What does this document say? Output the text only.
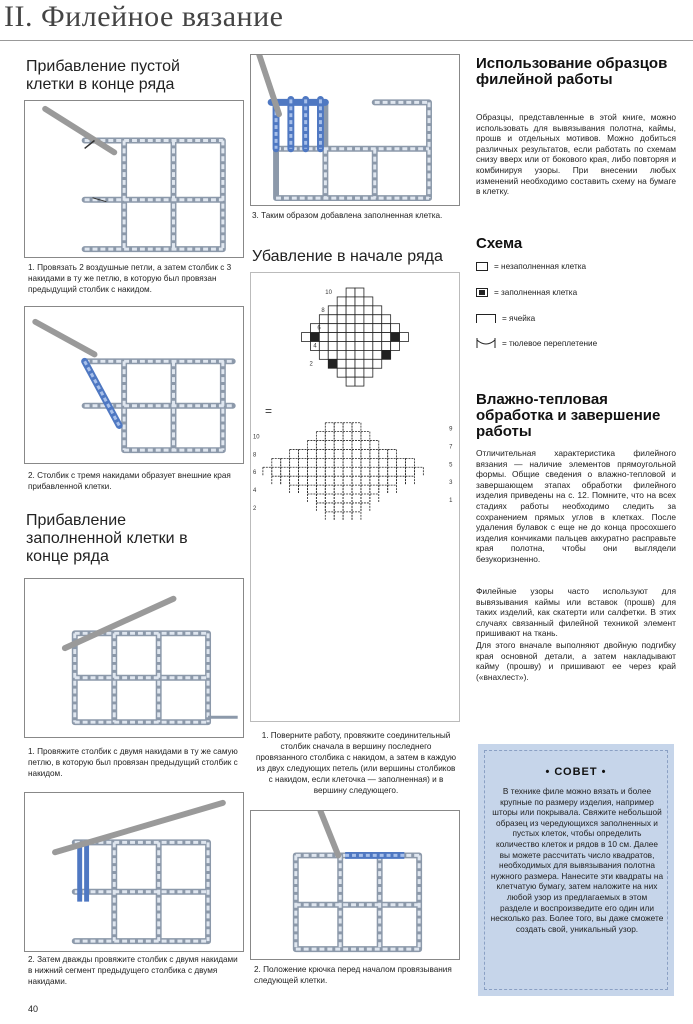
II. Филейное вязание
Прибавление пустой клетки в конце ряда
1. Провязать 2 воздушные петли, а затем столбик с 3 накидами в ту же петлю, в которую был провязан предыдущий столбик с накидом.
2. Столбик с тремя накидами образует внешние края прибавленной клетки.
Прибавление заполненной клетки в конце ряда
1. Провяжите столбик с двумя накидами в ту же самую петлю, в которую был провязан предыдущий столбик с накидом.
2. Затем дважды провяжите столбик с двумя накидами в нижний сегмент предыдущего столбика с двумя накидами.
3. Таким образом добавлена заполненная клетка.
Убавление в начале ряда
10
8
6
4
2
10
8
6
4
2
9
7
5
3
1
=
1. Поверните работу, провяжите соединительный столбик сначала в вершину последнего провязанного столбика с накидом, а затем в каждую из двух следующих петель (или вершины столбиков с накидом, если клеточка — заполненная) и в вершину следующего.
2. Положение крючка перед началом провязывания следующей клетки.
Использование образцов филейной работы
Образцы, представленные в этой книге, можно использовать для вывязывания полотна, каймы, прошв и отдельных мотивов. Можно добиться различных результатов, если работать по схемам снизу вверх или от бокового края, либо повторяя и комбинируя узоры. При внесении любых изменений необходимо составить схему на бумаге в клетку.
Схема
= незаполненная клетка
= заполненная клетка
= ячейка
= тюлевое переплетение
Влажно-тепловая обработка и завершение работы
Отличительная характеристика филейного вязания — наличие элементов прямоугольной формы. Общие сведения о влажно-тепловой и завершающем этапах обработки филейного изделия приведены на с. 12. Помните, что на всех стадиях работы необходимо следить за сохранением прямых углов в клетках. После удаления булавок с еще не до конца просохшего изделия кончиками пальцев аккуратно расправьте края полотна, чтобы они выглядели безукоризненно.
Филейные узоры часто используют для вывязывания каймы или вставок (прошв) для таких изделий, как скатерти или салфетки. В этих случаях связанный филейной техникой элемент пришивают на ткань.
Для этого вначале выполняют двойную подгибку края основной детали, а затем накладывают кайму (прошву) и пришивают ее через край («внахлест»).
• СОВЕТ •
В технике филе можно вязать и более крупные по размеру изделия, например шторы или покрывала. Свяжите небольшой образец из чередующихся заполненных и пустых клеток, чтобы определить количество клеток и рядов в 10 см. Далее вы можете рассчитать число квадратов, необходимых для вывязывания полотна нужного размера. Нанесите эти квадраты на клетчатую бумагу, затем наложите на них любой узор из предлагаемых в этом разделе и воспроизведите его один или несколько раз. Более того, вы даже сможете создать свой, уникальный узор.
40
